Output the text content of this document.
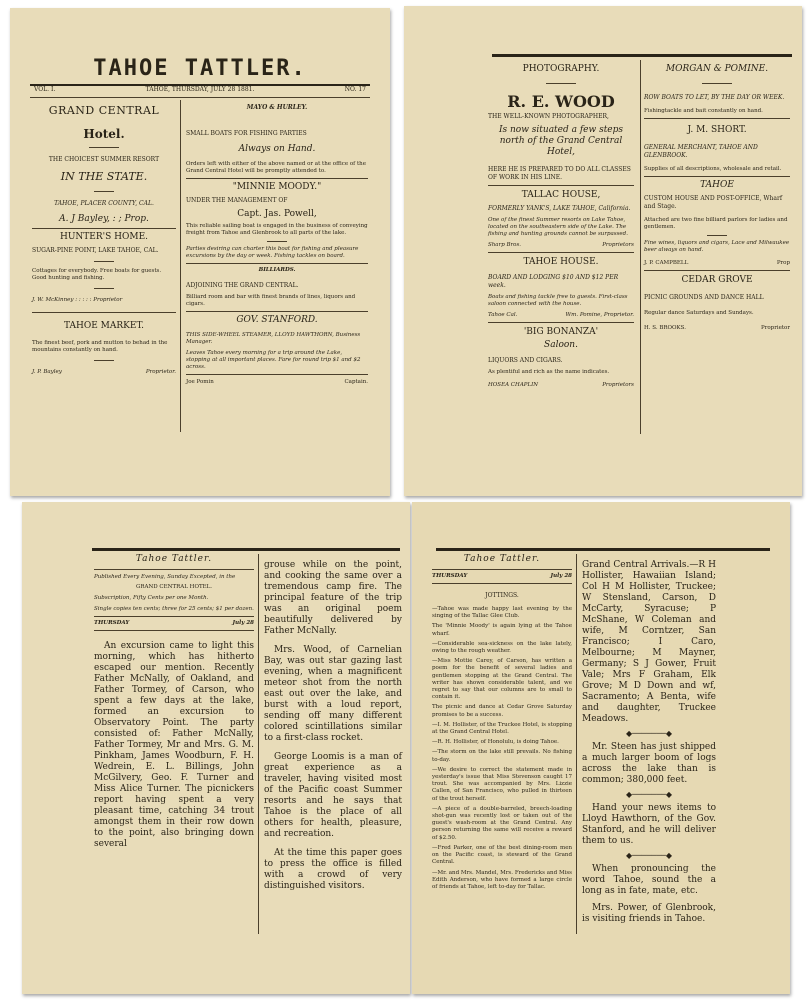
TAHOE TATTLER.
VOL. I.	TAHOE, THURSDAY, JULY 28 1881.	NO. 17
GRAND CENTRAL
Hotel.
THE CHOICEST SUMMER RESORT
IN THE STATE.
TAHOE, PLACER COUNTY, CAL.
A. J Bayley, : ; Prop.
HUNTER'S HOME.
SUGAR-PINE POINT, LAKE TAHOE, CAL.
Cottages for everybody. Free boats for guests. Good hunting and fishing.
J. W. McKinney : : : : : Proprietor
TAHOE MARKET.
The finest beef, pork and mutton to behad in the mountains constantly on hand.
J. P. Bayley	Proprietor.
MAYO & HURLEY.
SMALL BOATS FOR FISHING PARTIES
Always on Hand.
Orders left with either of the above named or at the office of the Grand Central Hotel will be promptly attended to.
"MINNIE MOODY."
UNDER THE MANAGEMENT OF
Capt. Jas. Powell,
This reliable sailing boat is engaged in the business of conveying freight from Tahoe and Glenbrook to all parts of the lake.
Parties desiring can charter this boat for fishing and pleasure excursions by the day or week. Fishing tackles on board.
BILLIARDS.
ADJOINING THE GRAND CENTRAL.
Billiard room and bar with finest brands of lines, liquors and cigars.
GOV. STANFORD.
THIS SIDE-WHEEL STEAMER, LLOYD HAWTHORN, Business Manager.
Leaves Tahoe every morning for a trip around the Lake, stopping at all important places. Fare for round trip $1 and $2 across.
Joe Pomin	Captain.
PHOTOGRAPHY.
R. E. WOOD
THE WELL-KNOWN PHOTOGRAPHER,
Is now situated a few steps north of the Grand Central Hotel,
HERE HE IS PREPARED TO DO ALL CLASSES OF WORK IN HIS LINE.
TALLAC HOUSE,
FORMERLY YANK'S, LAKE TAHOE, California.
One of the finest Summer resorts on Lake Tahoe, located on the southeastern side of the Lake. The fishing and hunting grounds cannot be surpassed.
Sharp Bros.	Proprietors
TAHOE HOUSE.
BOARD AND LODGING $10 AND $12 PER week.
Boats and fishing tackle free to guests. First-class saloon connected with the house.
Tahoe Cal.	Wm. Pomine, Proprietor.
'BIG BONANZA'
Saloon.
LIQUORS AND CIGARS.
As plentiful and rich as the name indicates.
HOSEA CHAPLIN	Proprietors
MORGAN & POMINE.
ROW BOATS TO LET, BY THE DAY OR WEEK.
Fishingtackle and bait constantly on hand.
J. M. SHORT.
GENERAL MERCHANT, TAHOE AND GLENBROOK.
Supplies of all descriptions, wholesale and retail.
TAHOE
CUSTOM HOUSE AND POST-OFFICE, Wharf and Stage.
Attached are two fine billiard parlors for ladies and gentlemen.
Fine wines, liquors and cigars, Lace and Milwaukee beer always on hand.
J. P. CAMPBELL	Prop
CEDAR GROVE
PICNIC GROUNDS AND DANCE HALL
Regular dance Saturdays and Sundays.
H. S. BROOKS.	Proprietor
Tahoe Tattler.
Published Every Evening, Sunday Excepted, in the
GRAND CENTRAL HOTEL.
Subscription, Fifty Cents per one Month.
Single copies ten cents; three for 25 cents; $1 per dozen.
THURSDAY	July 28
An excursion came to light this morning, which has hitherto escaped our mention. Recently Father McNally, of Oakland, and Father Tormey, of Carson, who spent a few days at the lake, formed an excursion to Observatory Point. The party consisted of: Father McNally, Father Tormey, Mr and Mrs. G. M. Pinkham, James Woodburn, F. H. Wedrein, E. L. Billings, John McGilvery, Geo. F. Turner and Miss Alice Turner. The picnickers report having spent a very pleasant time, catching 34 trout amongst them in their row down to the point, also bringing down several
grouse while on the point, and cooking the same over a tremendous camp fire. The principal feature of the trip was an original poem beautifully delivered by Father McNally.
Mrs. Wood, of Carnelian Bay, was out star gazing last evening, when a magnificent meteor shot from the north east out over the lake, and burst with a loud report, sending off many different colored scintillations similar to a first-class rocket.
George Loomis is a man of great experience as a traveler, having visited most of the Pacific coast Summer resorts and he says that Tahoe is the place of all others for health, pleasure, and recreation.
At the time this paper goes to press the office is filled with a crowd of very distinguished visitors.
Tahoe Tattler.
THURSDAY	July 28
JOTTINGS.
—Tahoe was made happy last evening by the singing of the Tallac Glee Club.
The 'Minnie Moody' is again lying at the Tahoe wharf.
—Considerable sea-sickness on the lake lately, owing to the rough weather.
—Miss Mottie Carey, of Carson, has written a poem for the benefit of several ladies and gentlemen stopping at the Grand Central. The writer has shown considerable talent, and we regret to say that our columns are to small to contain it.
The picnic and dance at Cedar Grove Saturday promises to be a success.
—I. M. Hollister, of the Truckee Hotel, is stopping at the Grand Central Hotel.
—R. H. Hollister, of Honolulu, is doing Tahoe.
—The storm on the lake still prevails. No fishing to-day.
—We desire to correct the statement made in yesterday's issue that Miss Stevenson caught 17 trout. She was accompanied by Mrs. Lizzie Callen, of San Francisco, who pulled in thirteen of the trout herself.
—A piece of a double-barreled, breech-loading shot-gun was recently lost or taken out of the guest's wash-room at the Grand Central. Any person returning the same will receive a reward of $2.50.
—Fred Parker, one of the best dining-room men on the Pacific coast, is steward of the Grand Central.
—Mr. and Mrs. Mandel, Mrs. Fredericks and Miss Edith Anderson, who have formed a large circle of friends at Tahoe, left to-day for Tallac.
Grand Central Arrivals.—R H Hollister, Hawaiian Island; Col H M Hollister, Truckee; W Stensland, Carson, D McCarty, Syracuse; P McShane, W Coleman and wife, M Corntzer, San Francisco; I Caro, Melbourne; M Mayner, Germany; S J Gower, Fruit Vale; Mrs F Graham, Elk Grove; M D Down and wf, Sacramento; A Benta, wife and daughter, Truckee Meadows.
◆───────◆
Mr. Steen has just shipped a much larger boom of logs across the lake than is common; 380,000 feet.
◆───────◆
Hand your news items to Lloyd Hawthorn, of the Gov. Stanford, and he will deliver them to us.
◆───────◆
When pronouncing the word Tahoe, sound the a long as in fate, mate, etc.
Mrs. Power, of Glenbrook, is visiting friends in Tahoe.
